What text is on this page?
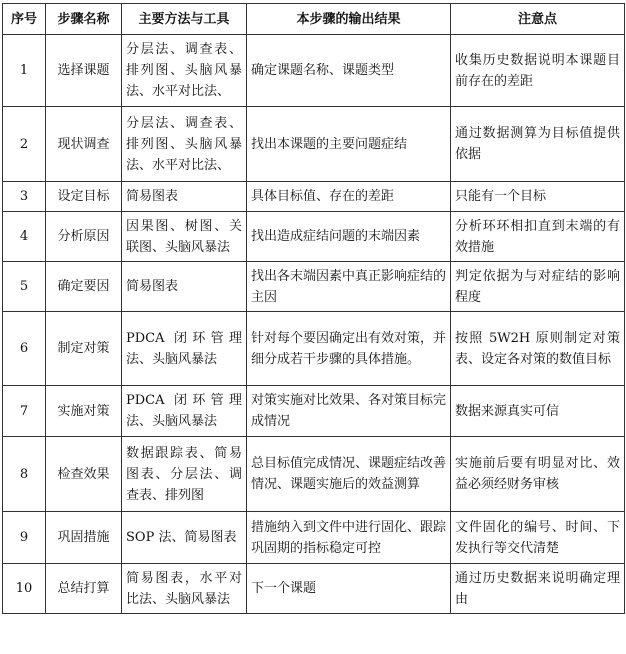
序号	步骤名称	主要方法与工具	本步骤的输出结果	注意点
1	选择课题	分层法、调查表、排列图、头脑风暴法、水平对比法、	确定课题名称、课题类型	收集历史数据说明本课题目前存在的差距
2	现状调查	分层法、调查表、排列图、头脑风暴法、水平对比法、	找出本课题的主要问题症结	通过数据测算为目标值提供依据
3	设定目标	简易图表	具体目标值、存在的差距	只能有一个目标
4	分析原因	因果图、树图、关联图、头脑风暴法	找出造成症结问题的末端因素	分析环环相扣直到末端的有效措施
5	确定要因	简易图表	找出各末端因素中真正影响症结的主因	判定依据为与对症结的影响程度
6	制定对策	PDCA 闭环管理法、头脑风暴法	针对每个要因确定出有效对策，并细分成若干步骤的具体措施。	按照 5W2H 原则制定对策表、设定各对策的数值目标
7	实施对策	PDCA 闭环管理法、头脑风暴法	对策实施对比效果、各对策目标完成情况	数据来源真实可信
8	检查效果	数据跟踪表、简易图表、分层法、调查表、排列图	总目标值完成情况、课题症结改善情况、课题实施后的效益测算	实施前后要有明显对比、效益必须经财务审核
9	巩固措施	SOP 法、简易图表	措施纳入到文件中进行固化、跟踪巩固期的指标稳定可控	文件固化的编号、时间、下发执行等交代清楚
10	总结打算	简易图表，水平对比法、头脑风暴法	下一个课题	通过历史数据来说明确定理由
